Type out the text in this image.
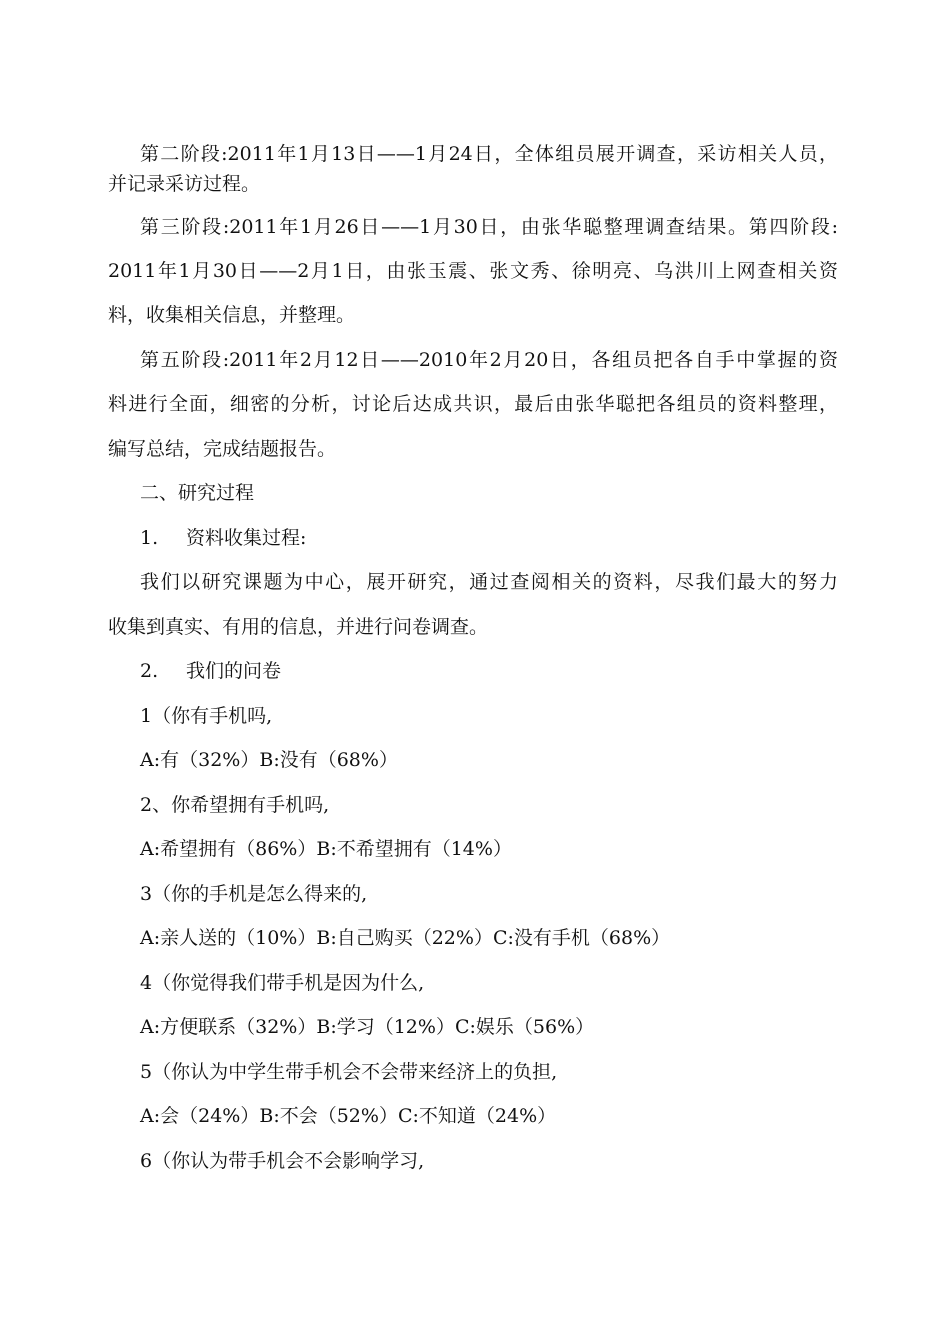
第二阶段:2011年1月13日——1月24日，全体组员展开调查，采访相关人员，
并记录采访过程。
第三阶段:2011年1月26日——1月30日，由张华聪整理调查结果。第四阶段:
2011年1月30日——2月1日，由张玉震、张文秀、徐明亮、乌洪川上网查相关资
料，收集相关信息，并整理。
第五阶段:2011年2月12日——2010年2月20日，各组员把各自手中掌握的资
料进行全面，细密的分析，讨论后达成共识，最后由张华聪把各组员的资料整理，
编写总结，完成结题报告。
二、研究过程
1. 资料收集过程:
我们以研究课题为中心，展开研究，通过查阅相关的资料，尽我们最大的努力
收集到真实、有用的信息，并进行问卷调查。
2. 我们的问卷
1（你有手机吗,
A:有（32%）B:没有（68%）
2、你希望拥有手机吗,
A:希望拥有（86%）B:不希望拥有（14%）
3（你的手机是怎么得来的,
A:亲人送的（10%）B:自己购买（22%）C:没有手机（68%）
4（你觉得我们带手机是因为什么,
A:方便联系（32%）B:学习（12%）C:娱乐（56%）
5（你认为中学生带手机会不会带来经济上的负担,
A:会（24%）B:不会（52%）C:不知道（24%）
6（你认为带手机会不会影响学习,
